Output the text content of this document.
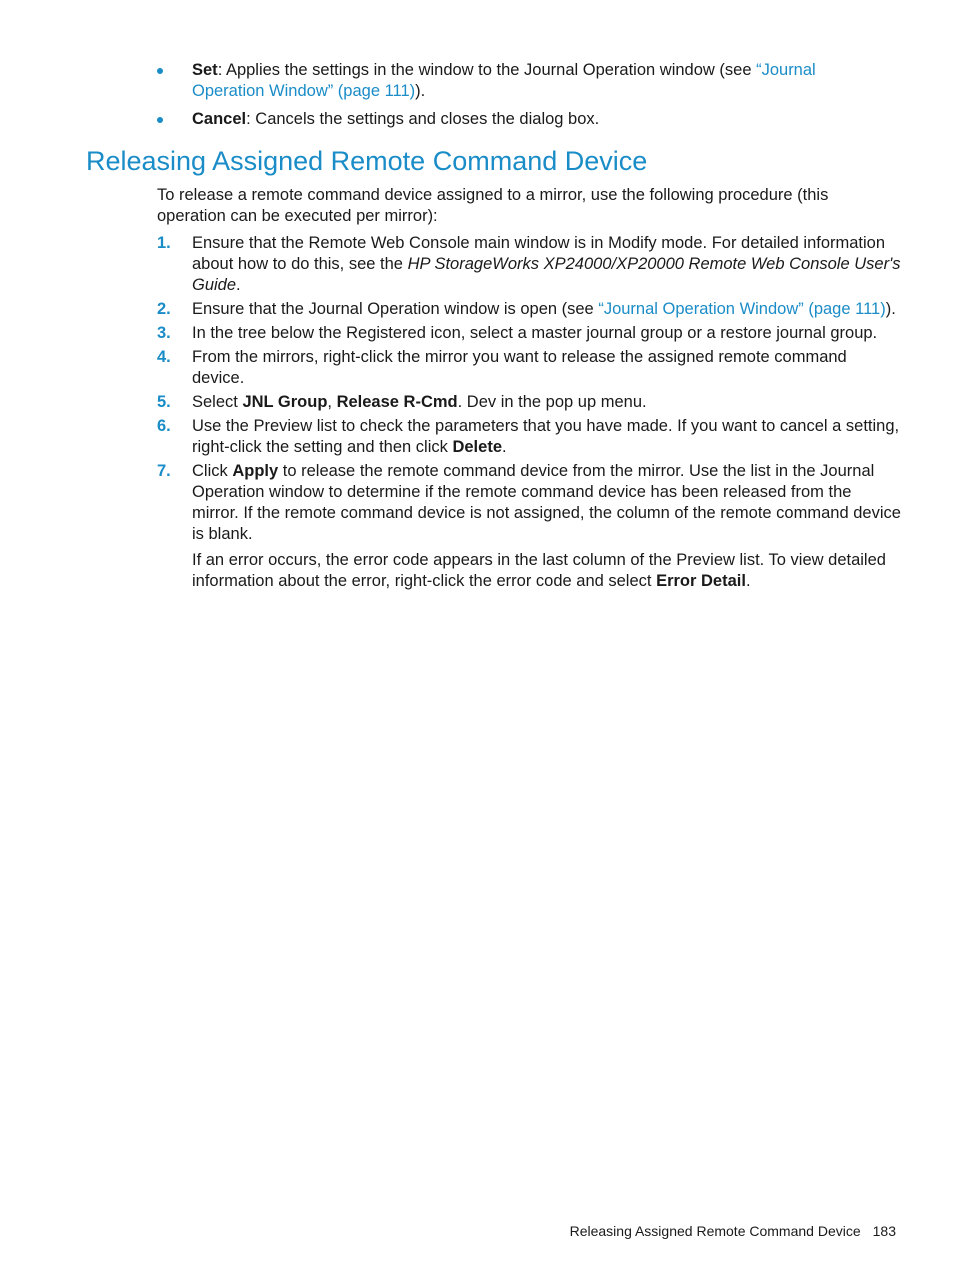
Set: Applies the settings in the window to the Journal Operation window (see “Journal Operation Window” (page 111)).
Cancel: Cancels the settings and closes the dialog box.
Releasing Assigned Remote Command Device

To release a remote command device assigned to a mirror, use the following procedure (this operation can be executed per mirror):

1. Ensure that the Remote Web Console main window is in Modify mode. For detailed information about how to do this, see the HP StorageWorks XP24000/XP20000 Remote Web Console User's Guide.
2. Ensure that the Journal Operation window is open (see “Journal Operation Window” (page 111)).
3. In the tree below the Registered icon, select a master journal group or a restore journal group.
4. From the mirrors, right-click the mirror you want to release the assigned remote command device.
5. Select JNL Group, Release R-Cmd. Dev in the pop up menu.
6. Use the Preview list to check the parameters that you have made. If you want to cancel a setting, right-click the setting and then click Delete.
7. Click Apply to release the remote command device from the mirror. Use the list in the Journal Operation window to determine if the remote command device has been released from the mirror. If the remote command device is not assigned, the column of the remote command device is blank.
If an error occurs, the error code appears in the last column of the Preview list. To view detailed information about the error, right-click the error code and select Error Detail.
Releasing Assigned Remote Command Device 183
